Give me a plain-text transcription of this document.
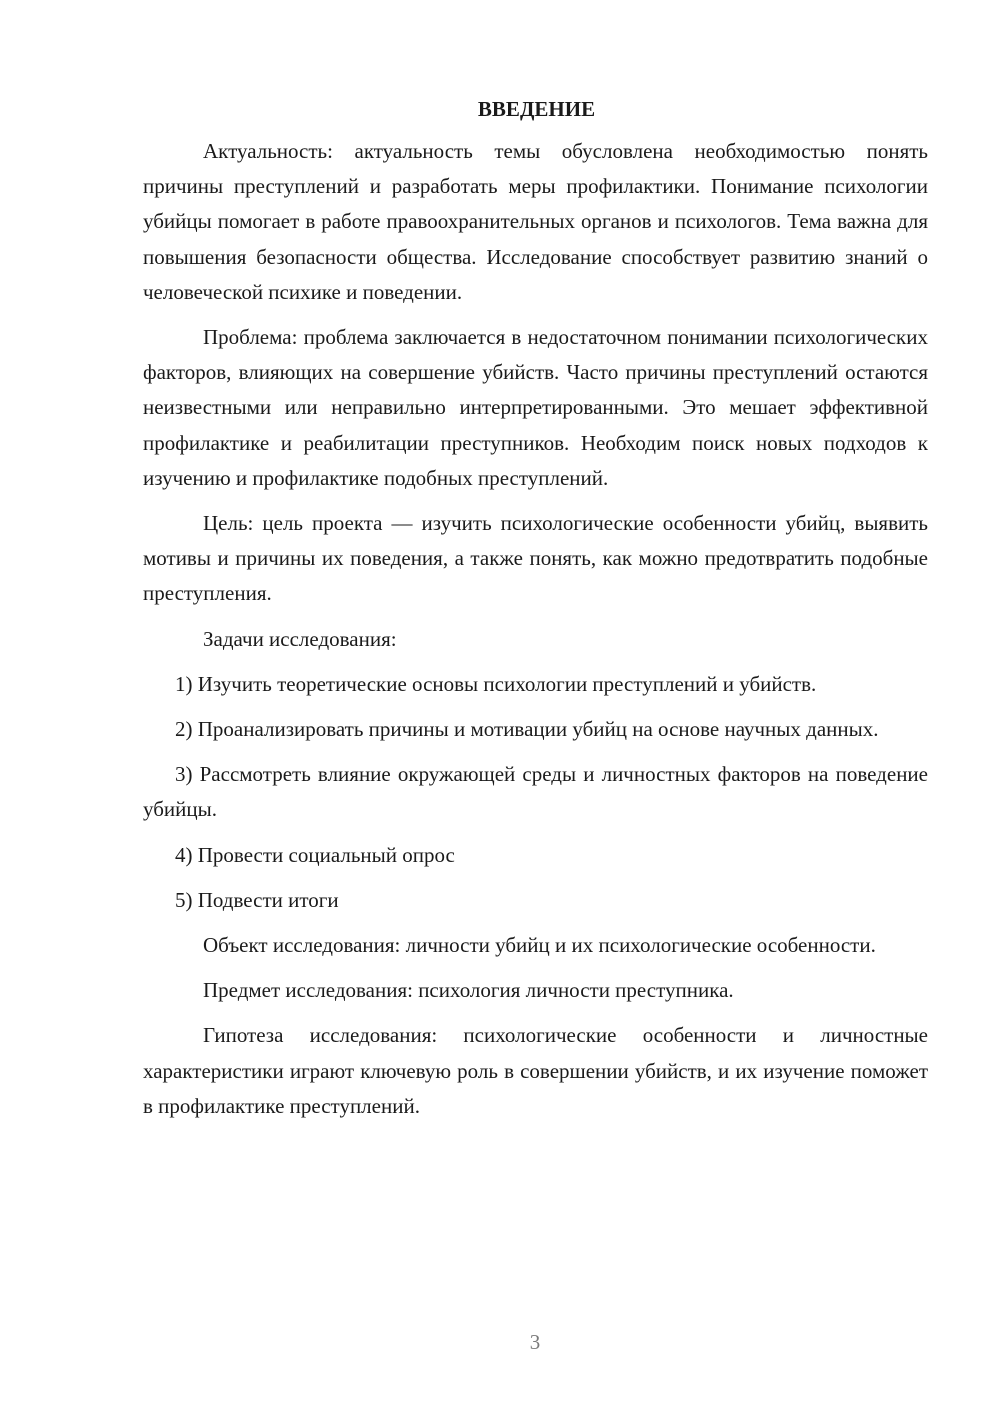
ВВЕДЕНИЕ

Актуальность: актуальность темы обусловлена необходимостью понять причины преступлений и разработать меры профилактики. Понимание психологии убийцы помогает в работе правоохранительных органов и психологов. Тема важна для повышения безопасности общества. Исследование способствует развитию знаний о человеческой психике и поведении.

Проблема: проблема заключается в недостаточном понимании психологических факторов, влияющих на совершение убийств. Часто причины преступлений остаются неизвестными или неправильно интерпретированными. Это мешает эффективной профилактике и реабилитации преступников. Необходим поиск новых подходов к изучению и профилактике подобных преступлений.

Цель: цель проекта — изучить психологические особенности убийц, выявить мотивы и причины их поведения, а также понять, как можно предотвратить подобные преступления.

Задачи исследования:

1) Изучить теоретические основы психологии преступлений и убийств.

2) Проанализировать причины и мотивации убийц на основе научных данных.

3) Рассмотреть влияние окружающей среды и личностных факторов на поведение убийцы.

4) Провести социальный опрос

5) Подвести итоги

Объект исследования: личности убийц и их психологические особенности.

Предмет исследования: психология личности преступника.

Гипотеза исследования: психологические особенности и личностные характеристики играют ключевую роль в совершении убийств, и их изучение поможет в профилактике преступлений.

3
